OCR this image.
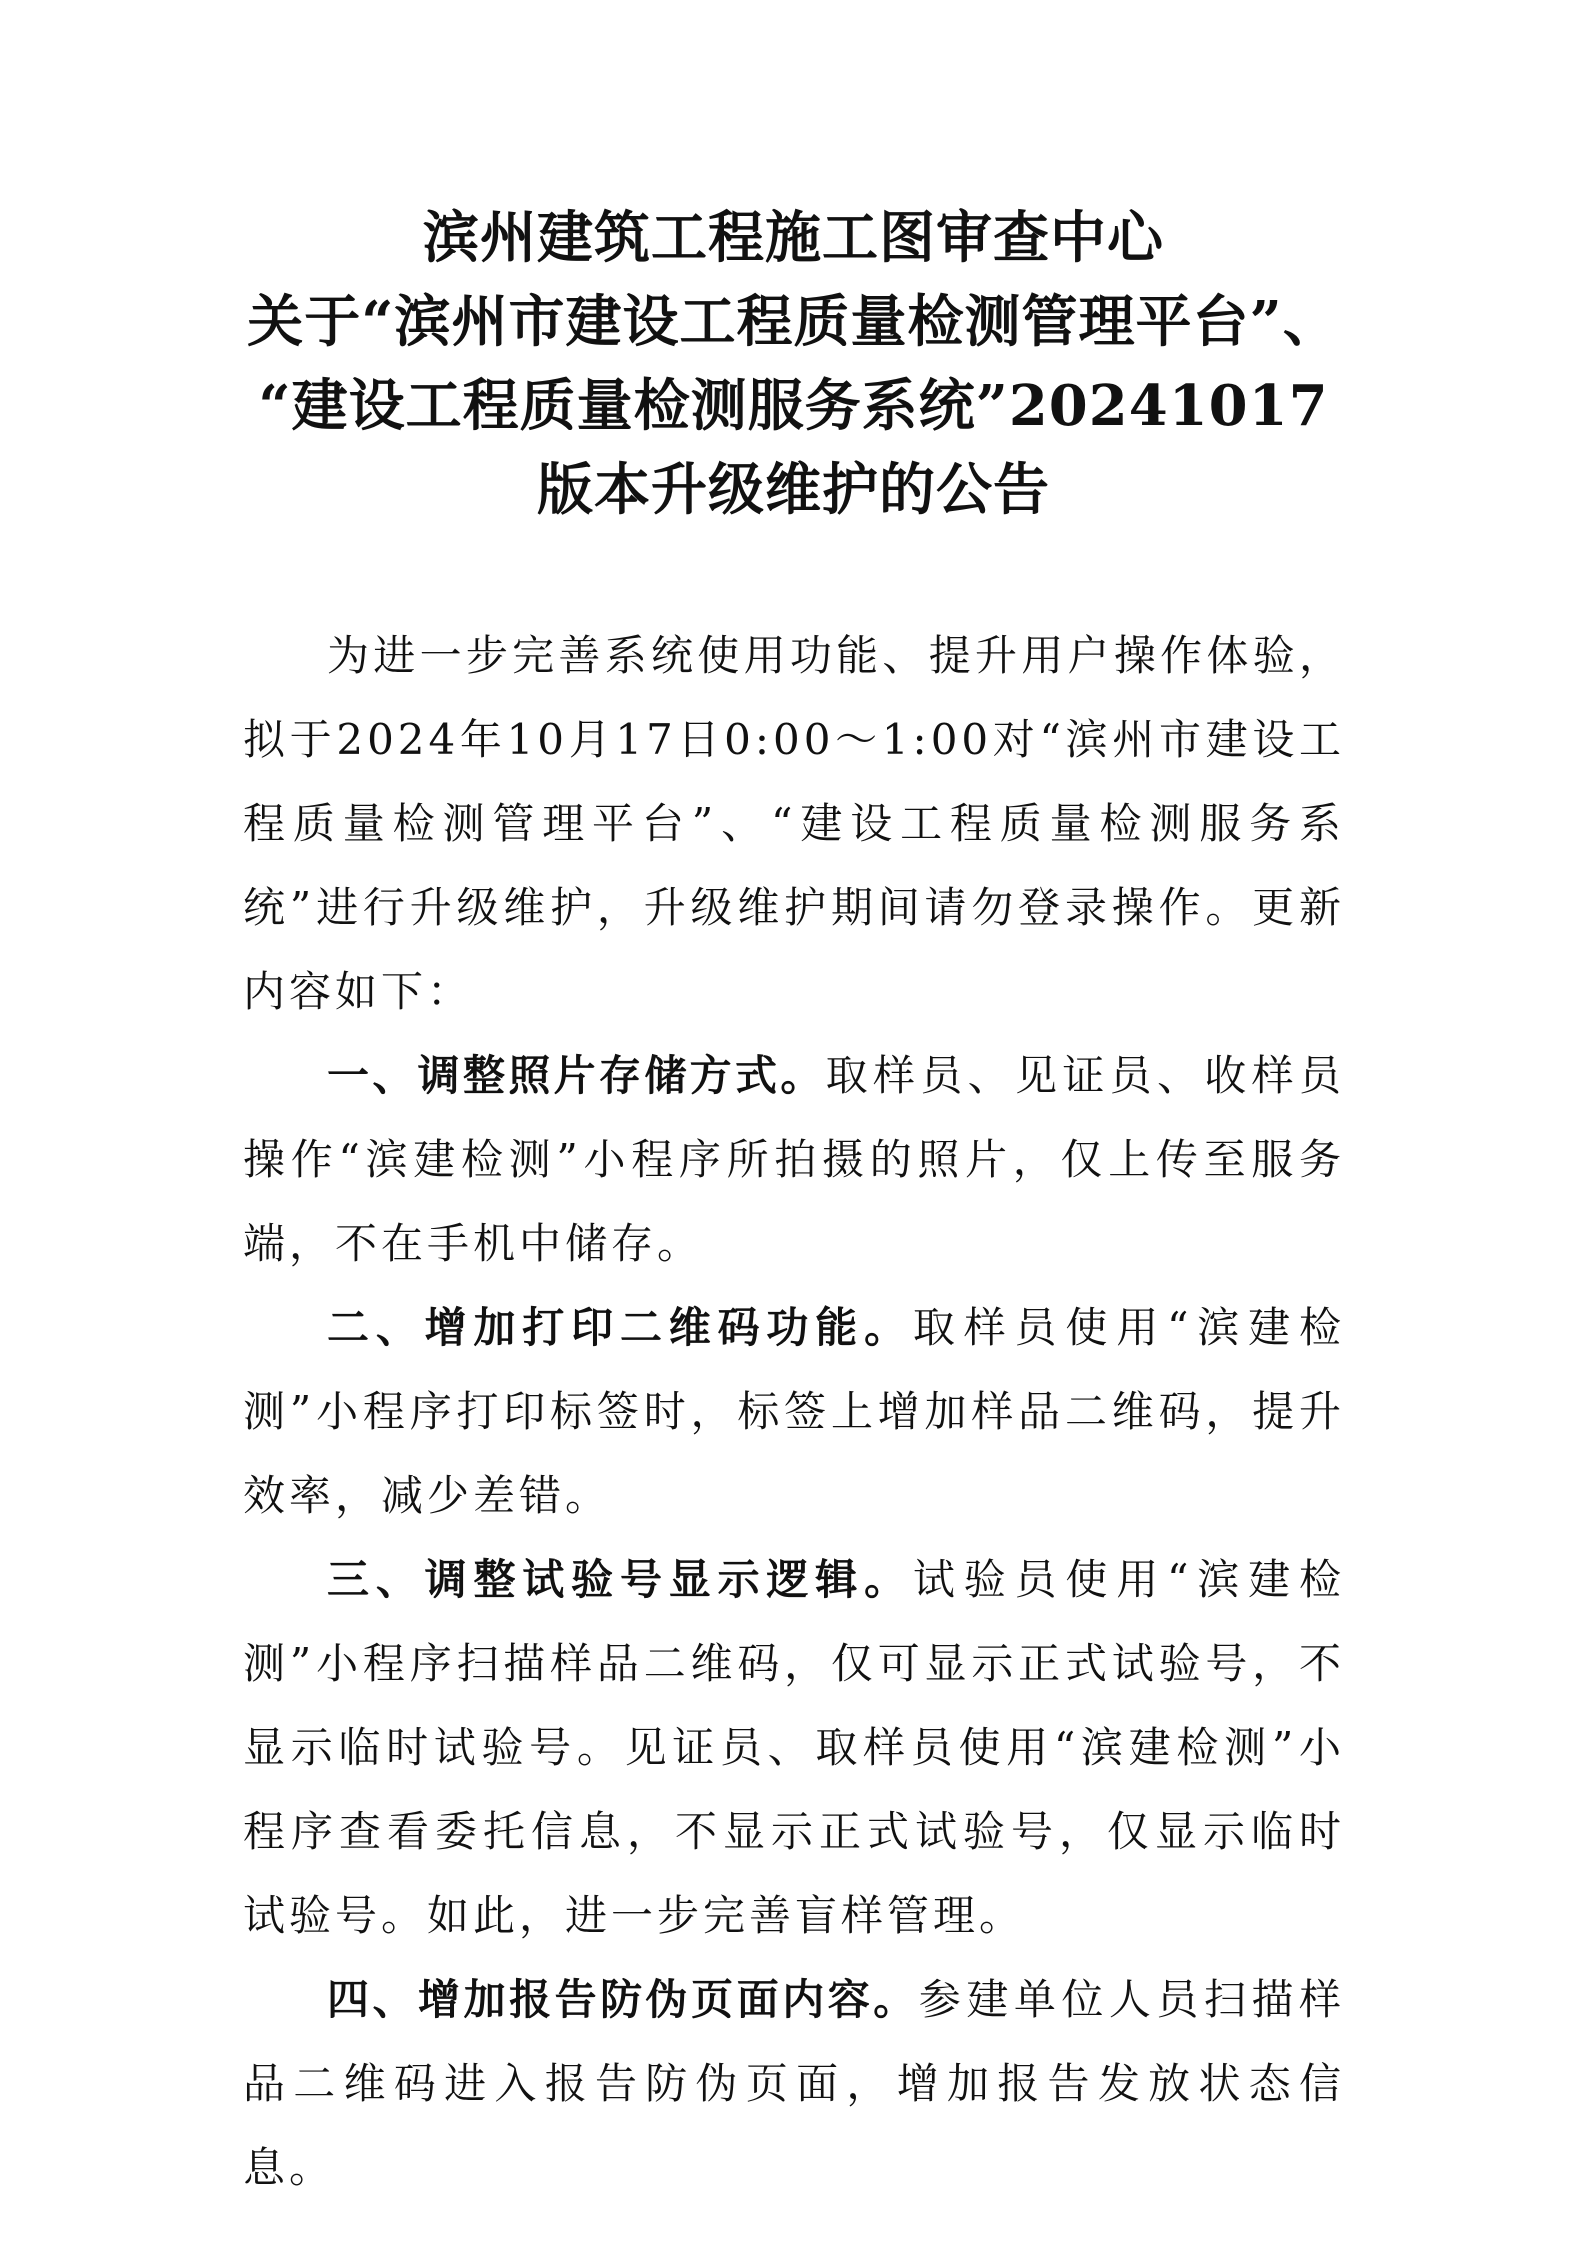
滨州建筑工程施工图审查中心
关于“滨州市建设工程质量检测管理平台”、
“建设工程质量检测服务系统”20241017
版本升级维护的公告

为进一步完善系统使用功能、提升用户操作体验，拟于2024年10月17日0:00～1:00对“滨州市建设工程质量检测管理平台”、“建设工程质量检测服务系统”进行升级维护，升级维护期间请勿登录操作。更新内容如下：

一、调整照片存储方式。取样员、见证员、收样员操作“滨建检测”小程序所拍摄的照片，仅上传至服务端，不在手机中储存。

二、增加打印二维码功能。取样员使用“滨建检测”小程序打印标签时，标签上增加样品二维码，提升效率，减少差错。

三、调整试验号显示逻辑。试验员使用“滨建检测”小程序扫描样品二维码，仅可显示正式试验号，不显示临时试验号。见证员、取样员使用“滨建检测”小程序查看委托信息，不显示正式试验号，仅显示临时试验号。如此，进一步完善盲样管理。

四、增加报告防伪页面内容。参建单位人员扫描样品二维码进入报告防伪页面，增加报告发放状态信息。
